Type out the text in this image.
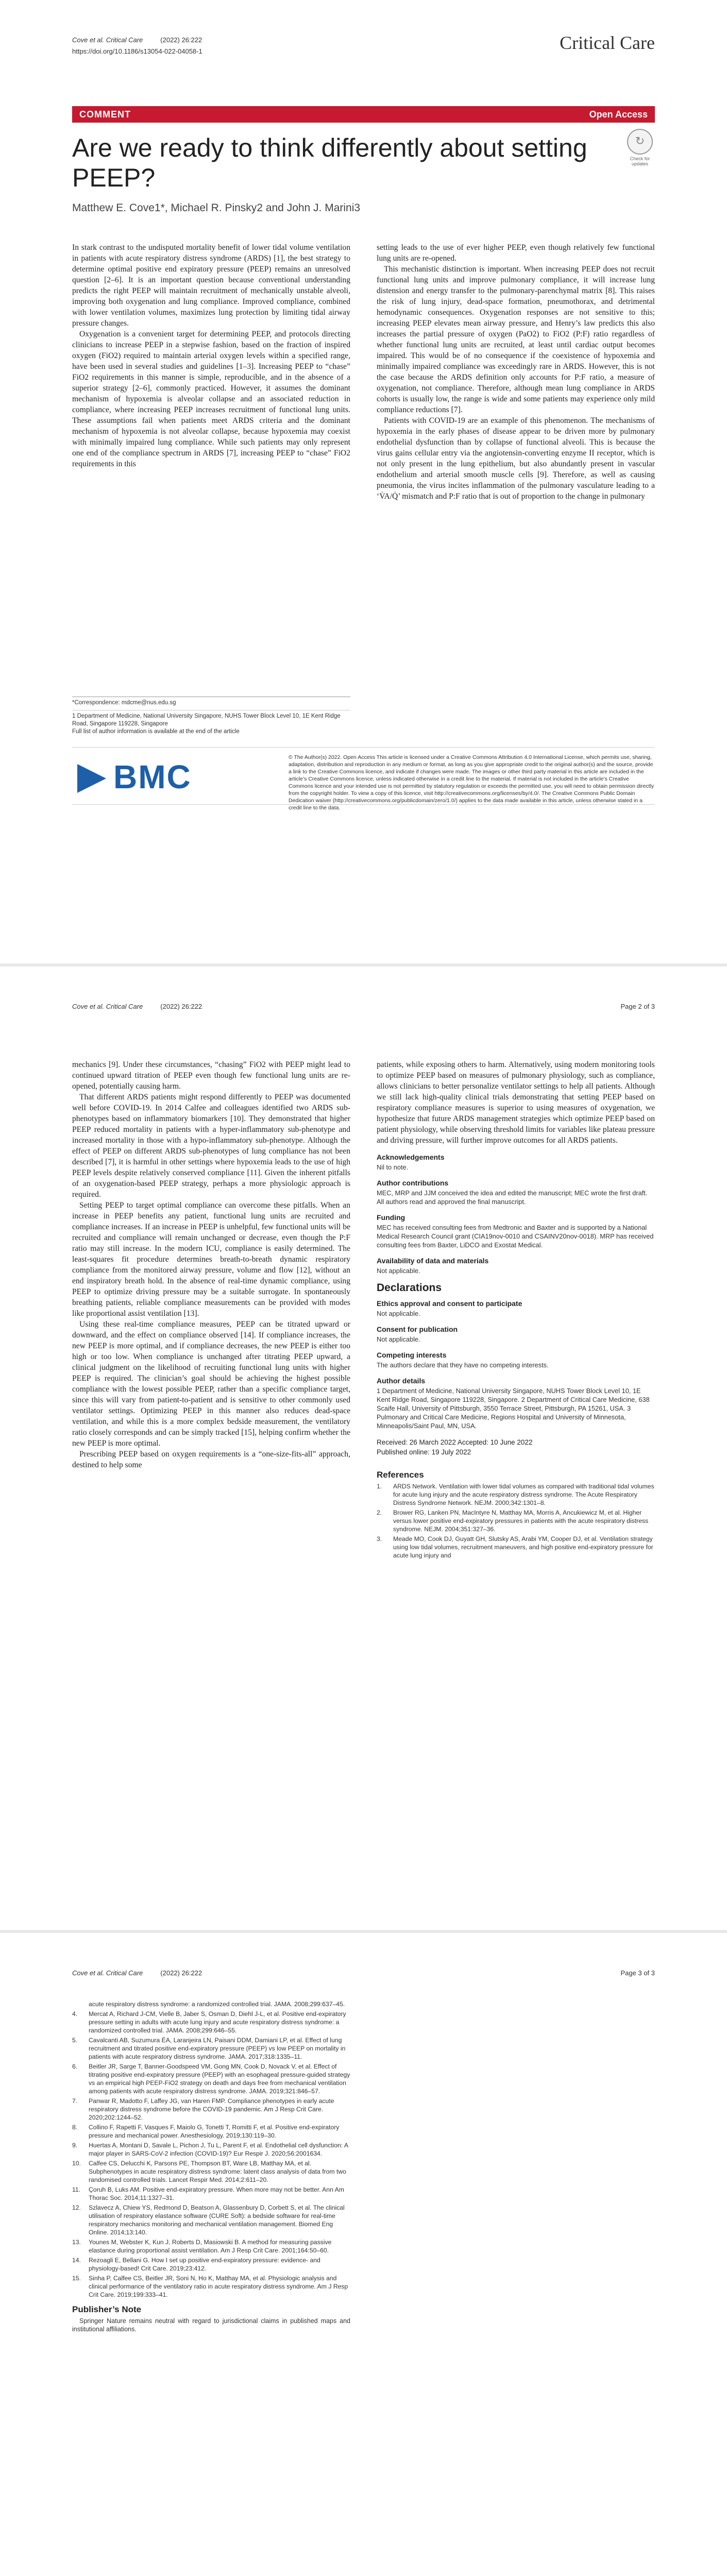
Cove et al. Critical Care	(2022) 26:222
https://doi.org/10.1186/s13054-022-04058-1	Critical Care
COMMENT	Open Access
↻
Check for updates
Are we ready to think differently about setting PEEP?
Matthew E. Cove1*, Michael R. Pinsky2 and John J. Marini3

In stark contrast to the undisputed mortality benefit of lower tidal volume ventilation in patients with acute respiratory distress syndrome (ARDS) [1], the best strategy to determine optimal positive end expiratory pressure (PEEP) remains an unresolved question [2–6]. It is an important question because conventional understanding predicts the right PEEP will maintain recruitment of mechanically unstable alveoli, improving both oxygenation and lung compliance. Improved compliance, combined with lower ventilation volumes, maximizes lung protection by limiting tidal airway pressure changes.

Oxygenation is a convenient target for determining PEEP, and protocols directing clinicians to increase PEEP in a stepwise fashion, based on the fraction of inspired oxygen (FiO2) required to maintain arterial oxygen levels within a specified range, have been used in several studies and guidelines [1–3]. Increasing PEEP to “chase” FiO2 requirements in this manner is simple, reproducible, and in the absence of a superior strategy [2–6], commonly practiced. However, it assumes the dominant mechanism of hypoxemia is alveolar collapse and an associated reduction in compliance, where increasing PEEP increases recruitment of functional lung units. These assumptions fail when patients meet ARDS criteria and the dominant mechanism of hypoxemia is not alveolar collapse, because hypoxemia may coexist with minimally impaired lung compliance. While such patients may only represent one end of the compliance spectrum in ARDS [7], increasing PEEP to “chase” FiO2 requirements in this

setting leads to the use of ever higher PEEP, even though relatively few functional lung units are re-opened.

This mechanistic distinction is important. When increasing PEEP does not recruit functional lung units and improve pulmonary compliance, it will increase lung distension and energy transfer to the pulmonary-parenchymal matrix [8]. This raises the risk of lung injury, dead-space formation, pneumothorax, and detrimental hemodynamic consequences. Oxygenation responses are not sensitive to this; increasing PEEP elevates mean airway pressure, and Henry’s law predicts this also increases the partial pressure of oxygen (PaO2) to FiO2 (P:F) ratio regardless of whether functional lung units are recruited, at least until cardiac output becomes impaired. This would be of no consequence if the coexistence of hypoxemia and minimally impaired compliance was exceedingly rare in ARDS. However, this is not the case because the ARDS definition only accounts for P:F ratio, a measure of oxygenation, not compliance. Therefore, although mean lung compliance in ARDS cohorts is usually low, the range is wide and some patients may experience only mild compliance reductions [7].

Patients with COVID-19 are an example of this phenomenon. The mechanisms of hypoxemia in the early phases of disease appear to be driven more by pulmonary endothelial dysfunction than by collapse of functional alveoli. This is because the virus gains cellular entry via the angiotensin-converting enzyme II receptor, which is not only present in the lung epithelium, but also abundantly present in vascular endothelium and arterial smooth muscle cells [9]. Therefore, as well as causing pneumonia, the virus incites inflammation of the pulmonary vasculature leading to a ‘V̇A/Q̇’ mismatch and P:F ratio that is out of proportion to the change in pulmonary

*Correspondence: mdcme@nus.edu.sg
1 Department of Medicine, National University Singapore, NUHS Tower Block Level 10, 1E Kent Ridge Road, Singapore 119228, Singapore
Full list of author information is available at the end of the article
BMC
© The Author(s) 2022. Open Access This article is licensed under a Creative Commons Attribution 4.0 International License, which permits use, sharing, adaptation, distribution and reproduction in any medium or format, as long as you give appropriate credit to the original author(s) and the source, provide a link to the Creative Commons licence, and indicate if changes were made. The images or other third party material in this article are included in the article’s Creative Commons licence, unless indicated otherwise in a credit line to the material. If material is not included in the article’s Creative Commons licence and your intended use is not permitted by statutory regulation or exceeds the permitted use, you will need to obtain permission directly from the copyright holder. To view a copy of this licence, visit http://creativecommons.org/licenses/by/4.0/. The Creative Commons Public Domain Dedication waiver (http://creativecommons.org/publicdomain/zero/1.0/) applies to the data made available in this article, unless otherwise stated in a credit line to the data.
Cove et al. Critical Care	(2022) 26:222	Page 2 of 3

mechanics [9]. Under these circumstances, “chasing” FiO2 with PEEP might lead to continued upward titration of PEEP even though few functional lung units are re-opened, potentially causing harm.

That different ARDS patients might respond differently to PEEP was documented well before COVID-19. In 2014 Calfee and colleagues identified two ARDS sub-phenotypes based on inflammatory biomarkers [10]. They demonstrated that higher PEEP reduced mortality in patients with a hyper-inflammatory sub-phenotype and increased mortality in those with a hypo-inflammatory sub-phenotype. Although the effect of PEEP on different ARDS sub-phenotypes of lung compliance has not been described [7], it is harmful in other settings where hypoxemia leads to the use of high PEEP levels despite relatively conserved compliance [11]. Given the inherent pitfalls of an oxygenation-based PEEP strategy, perhaps a more physiologic approach is required.

Setting PEEP to target optimal compliance can overcome these pitfalls. When an increase in PEEP benefits any patient, functional lung units are recruited and compliance increases. If an increase in PEEP is unhelpful, few functional units will be recruited and compliance will remain unchanged or decrease, even though the P:F ratio may still increase. In the modern ICU, compliance is easily determined. The least-squares fit procedure determines breath-to-breath dynamic respiratory compliance from the monitored airway pressure, volume and flow [12], without an end inspiratory breath hold. In the absence of real-time dynamic compliance, using PEEP to optimize driving pressure may be a suitable surrogate. In spontaneously breathing patients, reliable compliance measurements can be provided with modes like proportional assist ventilation [13].

Using these real-time compliance measures, PEEP can be titrated upward or downward, and the effect on compliance observed [14]. If compliance increases, the new PEEP is more optimal, and if compliance decreases, the new PEEP is either too high or too low. When compliance is unchanged after titrating PEEP upward, a clinical judgment on the likelihood of recruiting functional lung units with higher PEEP is required. The clinician’s goal should be achieving the highest possible compliance with the lowest possible PEEP, rather than a specific compliance target, since this will vary from patient-to-patient and is sensitive to other commonly used ventilator settings. Optimizing PEEP in this manner also reduces dead-space ventilation, and while this is a more complex bedside measurement, the ventilatory ratio closely corresponds and can be simply tracked [15], helping confirm whether the new PEEP is more optimal.

Prescribing PEEP based on oxygen requirements is a “one-size-fits-all” approach, destined to help some

patients, while exposing others to harm. Alternatively, using modern monitoring tools to optimize PEEP based on measures of pulmonary physiology, such as compliance, allows clinicians to better personalize ventilator settings to help all patients. Although we still lack high-quality clinical trials demonstrating that setting PEEP based on respiratory compliance measures is superior to using measures of oxygenation, we hypothesize that future ARDS management strategies which optimize PEEP based on patient physiology, while observing threshold limits for variables like plateau pressure and driving pressure, will further improve outcomes for all ARDS patients.

Acknowledgements

Nil to note.

Author contributions

MEC, MRP and JJM conceived the idea and edited the manuscript; MEC wrote the first draft. All authors read and approved the final manuscript.

Funding

MEC has received consulting fees from Medtronic and Baxter and is supported by a National Medical Research Council grant (CIA19nov-0010 and CSAINV20nov-0018). MRP has received consulting fees from Baxter, LiDCO and Exostat Medical.

Availability of data and materials

Not applicable.

Declarations
Ethics approval and consent to participate

Not applicable.

Consent for publication

Not applicable.

Competing interests

The authors declare that they have no competing interests.

Author details

1 Department of Medicine, National University Singapore, NUHS Tower Block Level 10, 1E Kent Ridge Road, Singapore 119228, Singapore. 2 Department of Critical Care Medicine, 638 Scaife Hall, University of Pittsburgh, 3550 Terrace Street, Pittsburgh, PA 15261, USA. 3 Pulmonary and Critical Care Medicine, Regions Hospital and University of Minnesota, Minneapolis/Saint Paul, MN, USA.

Received: 26 March 2022 Accepted: 10 June 2022
Published online: 19 July 2022
References
1. ARDS Network. Ventilation with lower tidal volumes as compared with traditional tidal volumes for acute lung injury and the acute respiratory distress syndrome. The Acute Respiratory Distress Syndrome Network. NEJM. 2000;342:1301–8.
2. Brower RG, Lanken PN, MacIntyre N, Matthay MA, Morris A, Ancukiewicz M, et al. Higher versus lower positive end-expiratory pressures in patients with the acute respiratory distress syndrome. NEJM. 2004;351:327–36.
3. Meade MO, Cook DJ, Guyatt GH, Slutsky AS, Arabi YM, Cooper DJ, et al. Ventilation strategy using low tidal volumes, recruitment maneuvers, and high positive end-expiratory pressure for acute lung injury and
Cove et al. Critical Care	(2022) 26:222	Page 3 of 3
acute respiratory distress syndrome: a randomized controlled trial. JAMA. 2008;299:637–45.
4. Mercat A, Richard J-CM, Vielle B, Jaber S, Osman D, Diehl J-L, et al. Positive end-expiratory pressure setting in adults with acute lung injury and acute respiratory distress syndrome: a randomized controlled trial. JAMA. 2008;299:646–55.
5. Cavalcanti AB, Suzumura ÉA, Laranjeira LN, Paisani DDM, Damiani LP, et al. Effect of lung recruitment and titrated positive end-expiratory pressure (PEEP) vs low PEEP on mortality in patients with acute respiratory distress syndrome. JAMA. 2017;318:1335–11.
6. Beitler JR, Sarge T, Banner-Goodspeed VM, Gong MN, Cook D, Novack V, et al. Effect of titrating positive end-expiratory pressure (PEEP) with an esophageal pressure-guided strategy vs an empirical high PEEP-FiO2 strategy on death and days free from mechanical ventilation among patients with acute respiratory distress syndrome. JAMA. 2019;321:846–57.
7. Panwar R, Madotto F, Laffey JG, van Haren FMP. Compliance phenotypes in early acute respiratory distress syndrome before the COVID-19 pandemic. Am J Resp Crit Care. 2020;202:1244–52.
8. Collino F, Rapetti F, Vasques F, Maiolo G, Tonetti T, Romitti F, et al. Positive end-expiratory pressure and mechanical power. Anesthesiology. 2019;130:119–30.
9. Huertas A, Montani D, Savale L, Pichon J, Tu L, Parent F, et al. Endothelial cell dysfunction: A major player in SARS-CoV-2 infection (COVID-19)? Eur Respir J. 2020;56:2001634.
10. Calfee CS, Delucchi K, Parsons PE, Thompson BT, Ware LB, Matthay MA, et al. Subphenotypes in acute respiratory distress syndrome: latent class analysis of data from two randomised controlled trials. Lancet Respir Med. 2014;2:611–20.
11. Çoruh B, Luks AM. Positive end-expiratory pressure. When more may not be better. Ann Am Thorac Soc. 2014;11:1327–31.
12. Szlavecz A, Chiew YS, Redmond D, Beatson A, Glassenbury D, Corbett S, et al. The clinical utilisation of respiratory elastance software (CURE Soft): a bedside software for real-time respiratory mechanics monitoring and mechanical ventilation management. Biomed Eng Online. 2014;13:140.
13. Younes M, Webster K, Kun J, Roberts D, Masiowski B. A method for measuring passive elastance during proportional assist ventilation. Am J Resp Crit Care. 2001;164:50–60.
14. Rezoagli E, Bellani G. How I set up positive end-expiratory pressure: evidence- and physiology-based! Crit Care. 2019;23:412.
15. Sinha P, Calfee CS, Beitler JR, Soni N, Ho K, Matthay MA, et al. Physiologic analysis and clinical performance of the ventilatory ratio in acute respiratory distress syndrome. Am J Resp Crit Care. 2019;199:333–41.
Publisher’s Note

Springer Nature remains neutral with regard to jurisdictional claims in published maps and institutional affiliations.
